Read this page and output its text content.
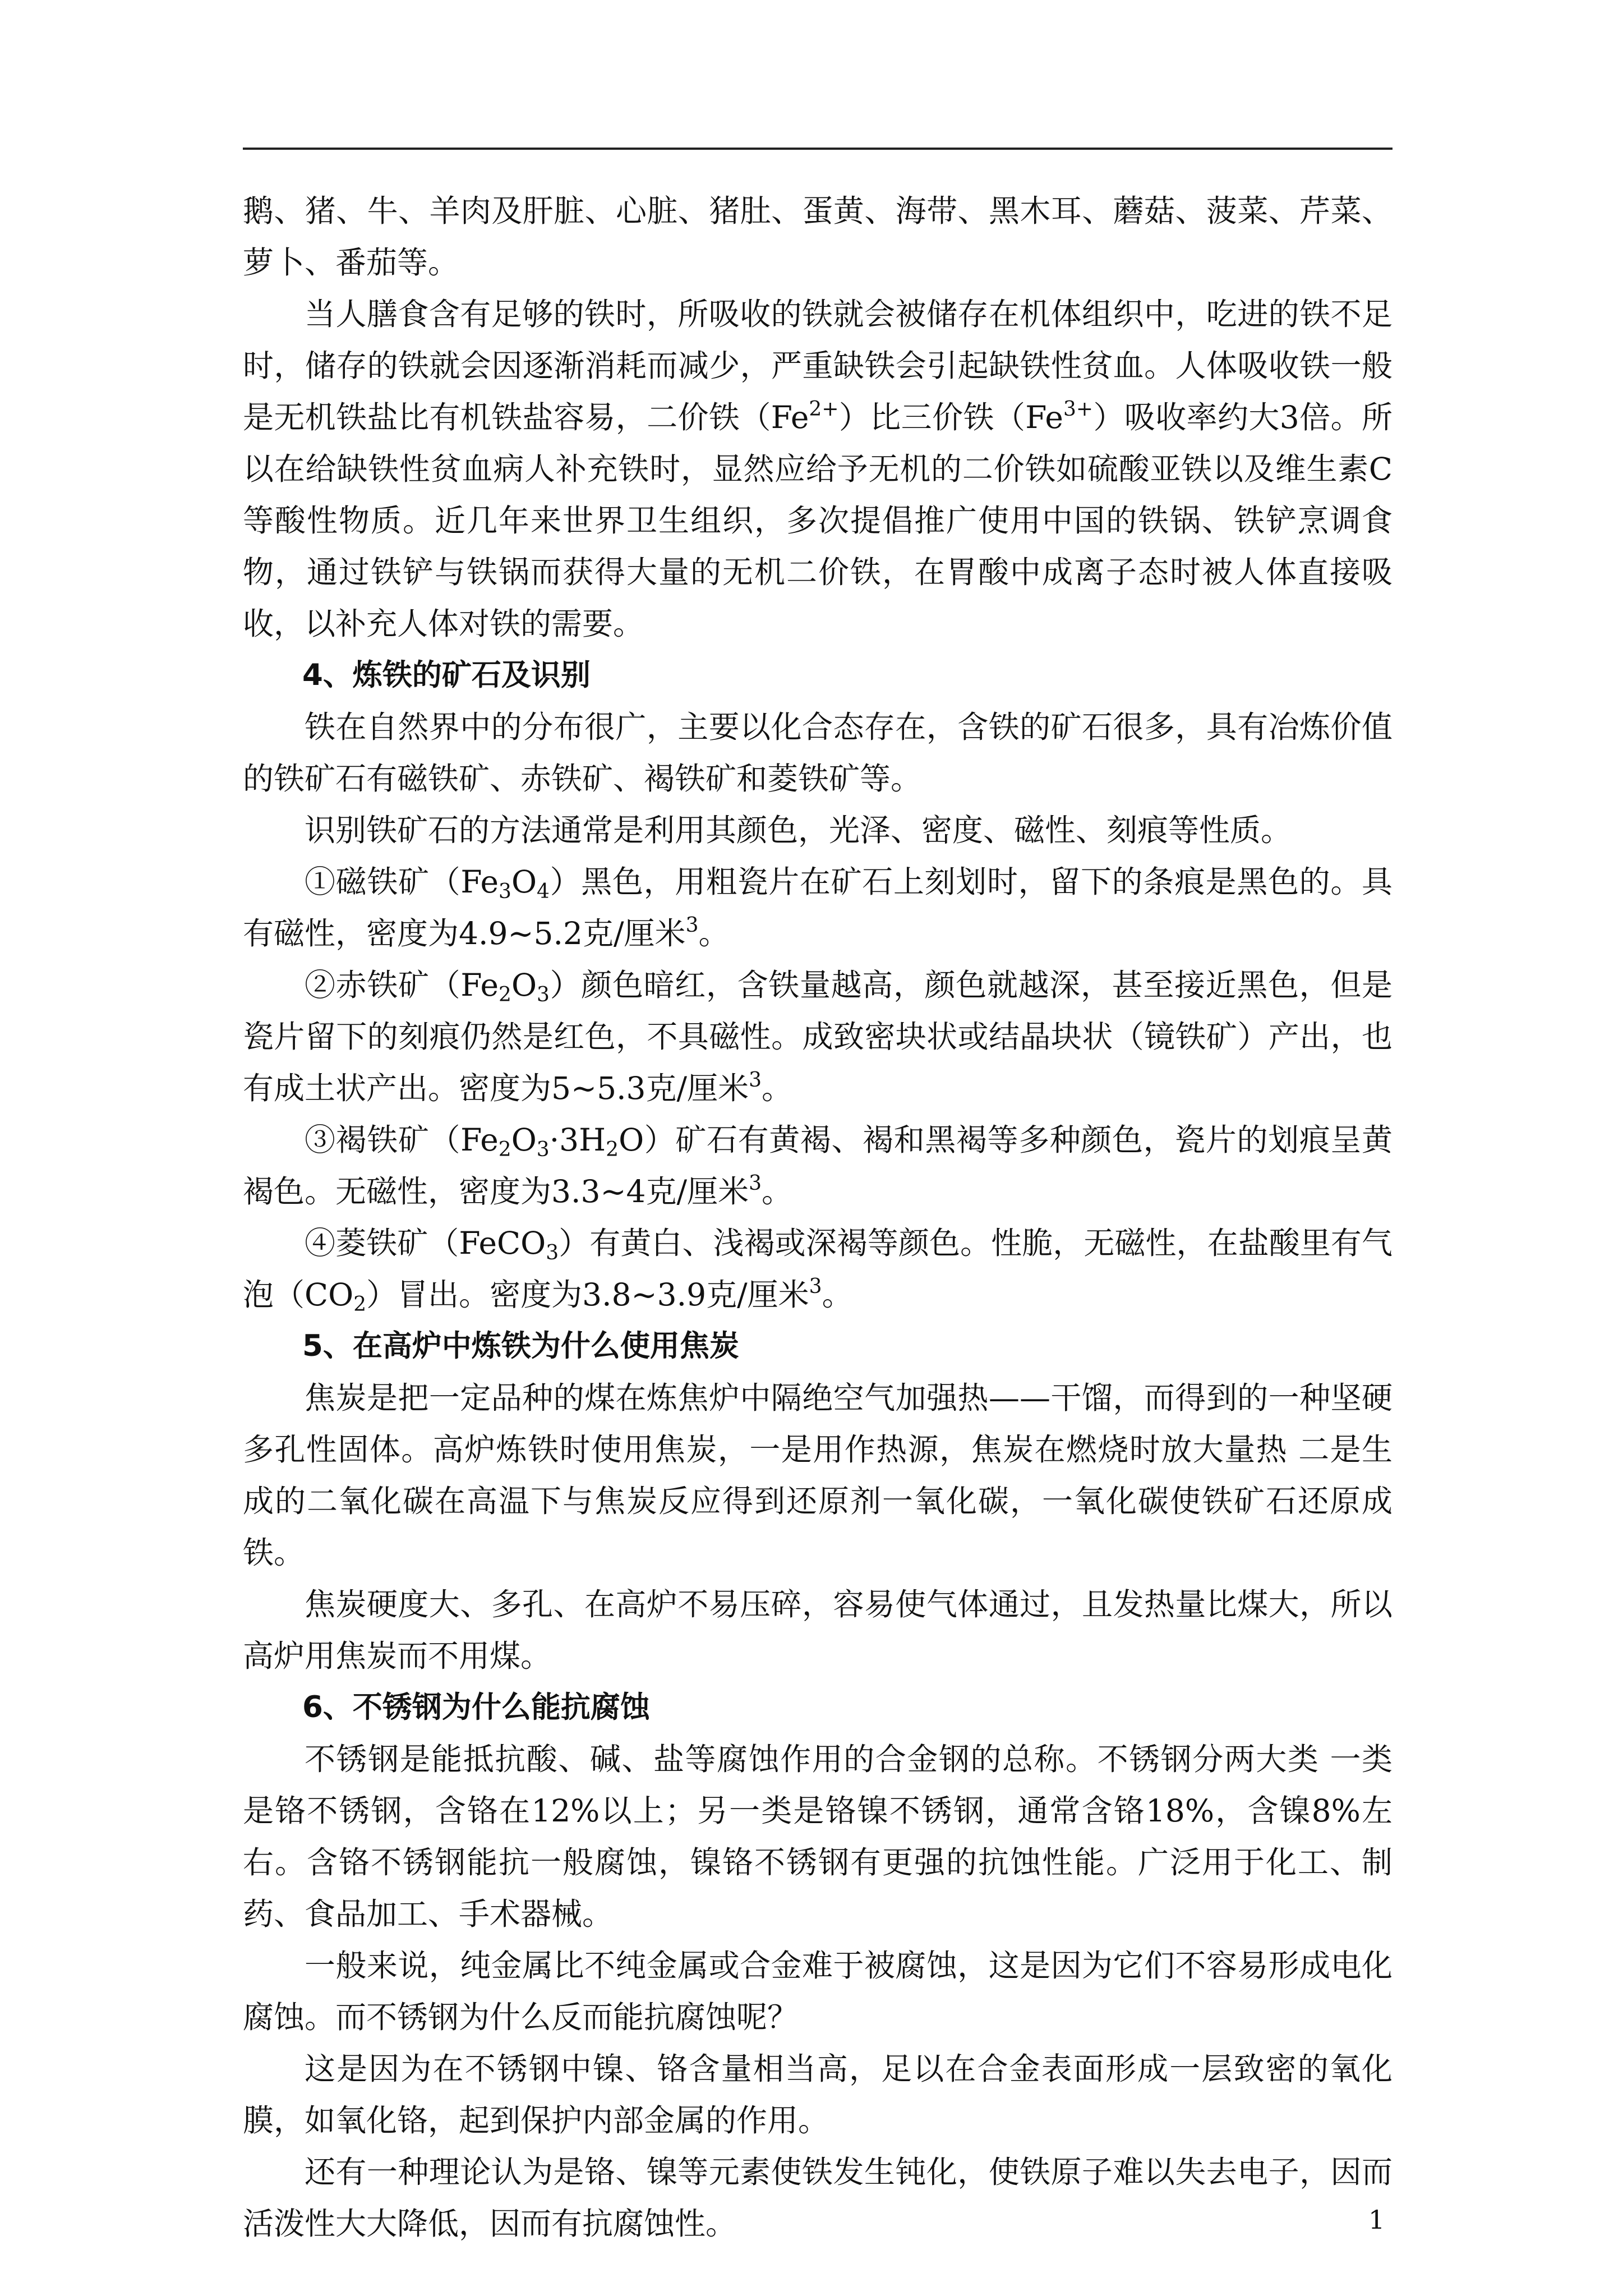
鹅、猪、牛、羊肉及肝脏、心脏、猪肚、蛋黄、海带、黑木耳、蘑菇、菠菜、芹菜、萝卜、番茄等。

当人膳食含有足够的铁时，所吸收的铁就会被储存在机体组织中，吃进的铁不足时，储存的铁就会因逐渐消耗而减少，严重缺铁会引起缺铁性贫血。人体吸收铁一般是无机铁盐比有机铁盐容易，二价铁$(Fe^{2+})$比三价铁$(Fe^{3+})$吸收率约大3倍。所以在给缺铁性贫血病人补充铁时，显然应给予无机的二价铁如硫酸亚铁以及维生素C等酸性物质。近几年来世界卫生组织，多次提倡推广使用中国的铁锅、铁铲烹调食物，通过铁铲与铁锅而获得大量的无机二价铁，在胃酸中成离子态时被人体直接吸收，以补充人体对铁的需要。

4、炼铁的矿石及识别

铁在自然界中的分布很广，主要以化合态存在，含铁的矿石很多，具有冶炼价值的铁矿石有磁铁矿、赤铁矿、褐铁矿和菱铁矿等。

识别铁矿石的方法通常是利用其颜色，光泽、密度、磁性、刻痕等性质。

①磁铁矿$(Fe_3O_4)$黑色，用粗瓷片在矿石上刻划时，留下的条痕是黑色的。具有磁性，密度为4.9~5.2克/厘米$^3$。

②赤铁矿$(Fe_2O_3)$颜色暗红，含铁量越高，颜色就越深，甚至接近黑色，但是瓷片留下的刻痕仍然是红色，不具磁性。成致密块状或结晶块状（镜铁矿）产出，也有成土状产出。密度为5~5.3克/厘米$^3$。

③褐铁矿$(Fe_2O_3\cdot 3H_2O)$矿石有黄褐、褐和黑褐等多种颜色，瓷片的划痕呈黄褐色。无磁性，密度为3.3~4克/厘米$^3$。

④菱铁矿（FeCO$_3$）有黄白、浅褐或深褐等颜色。性脆，无磁性，在盐酸里有气泡$(CO_2)$冒出。密度为3.8~3.9克/厘米$^3$。

5、在高炉中炼铁为什么使用焦炭

焦炭是把一定品种的煤在炼焦炉中隔绝空气加强热——干馏，而得到的一种坚硬多孔性固体。高炉炼铁时使用焦炭，一是用作热源，焦炭在燃烧时放大量热 二是生成的二氧化碳在高温下与焦炭反应得到还原剂一氧化碳，一氧化碳使铁矿石还原成铁。

焦炭硬度大、多孔、在高炉不易压碎，容易使气体通过，且发热量比煤大，所以高炉用焦炭而不用煤。

6、不锈钢为什么能抗腐蚀

不锈钢是能抵抗酸、碱、盐等腐蚀作用的合金钢的总称。不锈钢分两大类 一类是铬不锈钢，含铬在12%以上；另一类是铬镍不锈钢，通常含铬18%，含镍8%左右。含铬不锈钢能抗一般腐蚀，镍铬不锈钢有更强的抗蚀性能。广泛用于化工、制药、食品加工、手术器械。

一般来说，纯金属比不纯金属或合金难于被腐蚀，这是因为它们不容易形成电化腐蚀。而不锈钢为什么反而能抗腐蚀呢？

这是因为在不锈钢中镍、铬含量相当高，足以在合金表面形成一层致密的氧化膜，如氧化铬，起到保护内部金属的作用。

还有一种理论认为是铬、镍等元素使铁发生钝化，使铁原子难以失去电子，因而活泼性大大降低，因而有抗腐蚀性。	1
